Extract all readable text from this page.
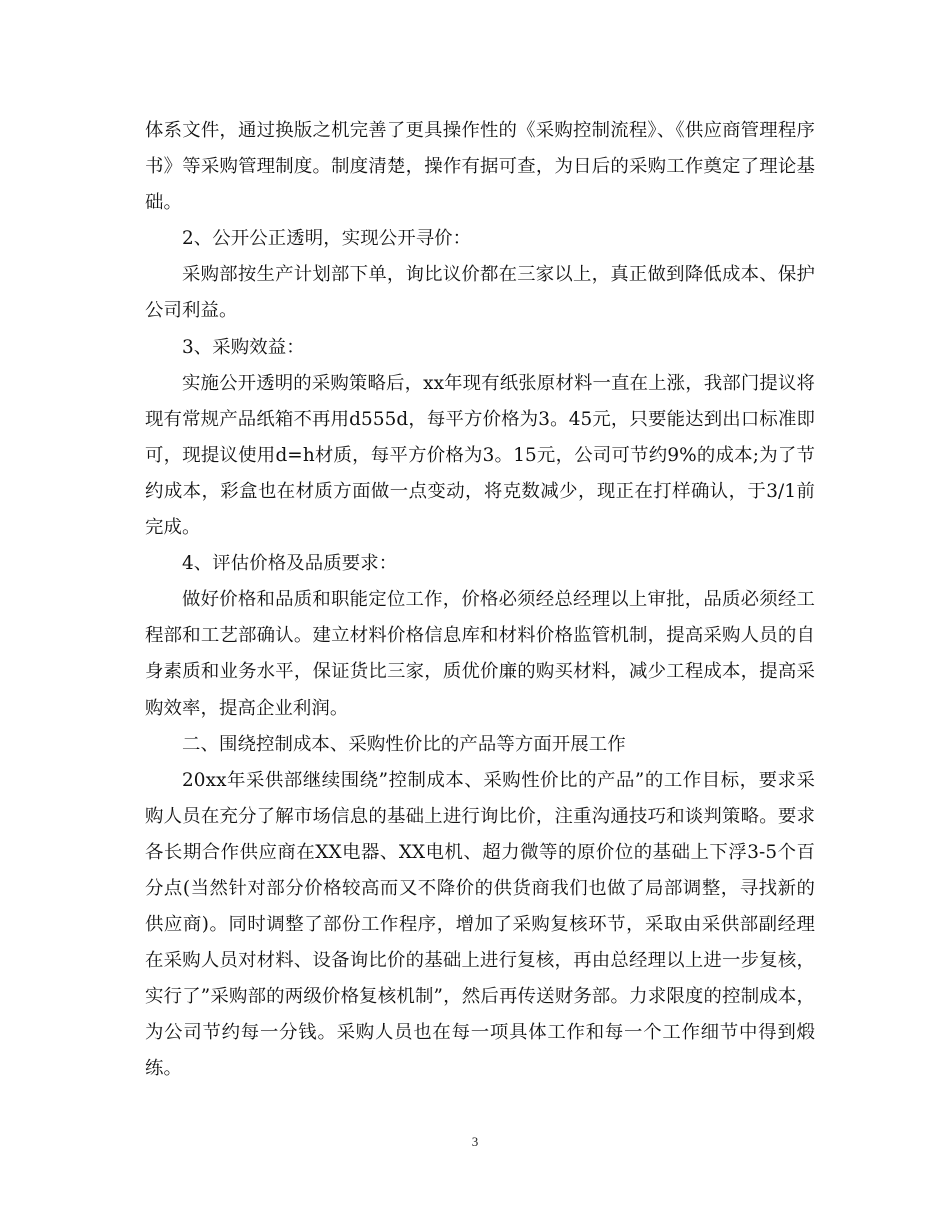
体系文件，通过换版之机完善了更具操作性的《采购控制流程》、《供应商管理程序书》等采购管理制度。制度清楚，操作有据可查，为日后的采购工作奠定了理论基础。

2、公开公正透明，实现公开寻价：

采购部按生产计划部下单，询比议价都在三家以上，真正做到降低成本、保护公司利益。

3、采购效益：

实施公开透明的采购策略后，xx年现有纸张原材料一直在上涨，我部门提议将现有常规产品纸箱不再用d555d，每平方价格为3。45元，只要能达到出口标准即可，现提议使用d=h材质，每平方价格为3。15元，公司可节约9%的成本;为了节约成本，彩盒也在材质方面做一点变动，将克数减少，现正在打样确认，于3/1前完成。

4、评估价格及品质要求：

做好价格和品质和职能定位工作，价格必须经总经理以上审批，品质必须经工程部和工艺部确认。建立材料价格信息库和材料价格监管机制，提高采购人员的自身素质和业务水平，保证货比三家，质优价廉的购买材料，减少工程成本，提高采购效率，提高企业利润。

二、围绕控制成本、采购性价比的产品等方面开展工作

20xx年采供部继续围绕”控制成本、采购性价比的产品”的工作目标，要求采购人员在充分了解市场信息的基础上进行询比价，注重沟通技巧和谈判策略。要求各长期合作供应商在XX电器、XX电机、超力微等的原价位的基础上下浮3-5个百分点(当然针对部分价格较高而又不降价的供货商我们也做了局部调整，寻找新的供应商)。同时调整了部份工作程序，增加了采购复核环节，采取由采供部副经理在采购人员对材料、设备询比价的基础上进行复核，再由总经理以上进一步复核，实行了”采购部的两级价格复核机制”，然后再传送财务部。力求限度的控制成本，为公司节约每一分钱。采购人员也在每一项具体工作和每一个工作细节中得到煅练。

3
